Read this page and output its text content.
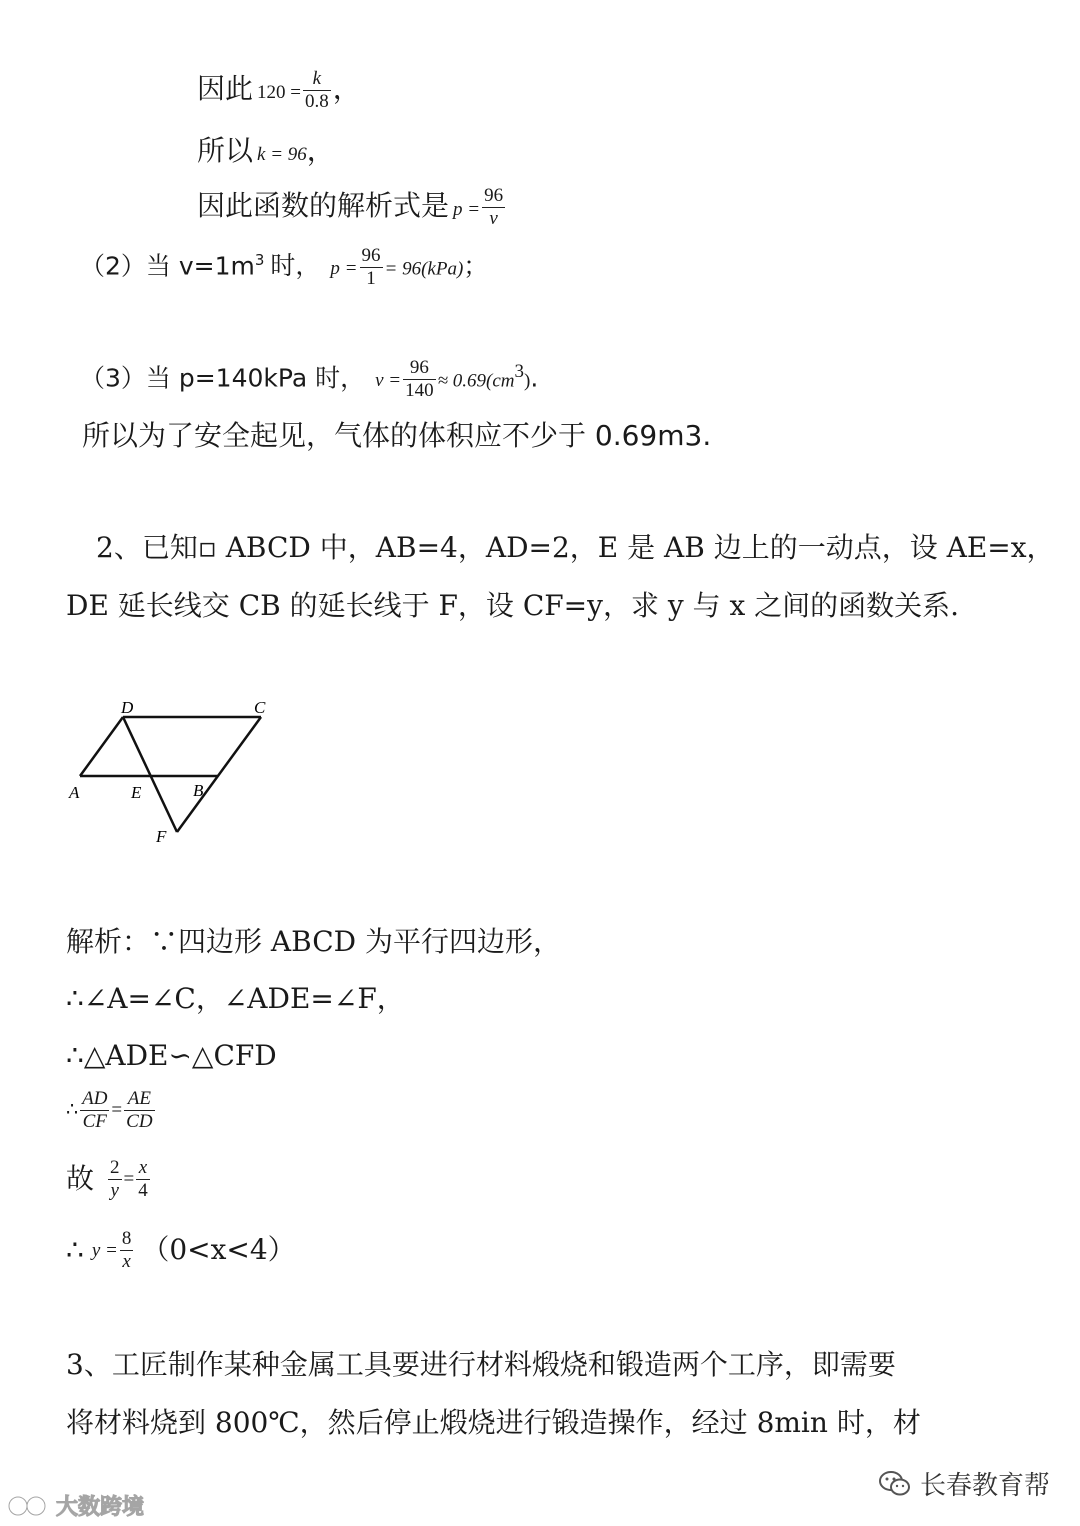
因此 $120 = \frac{k}{0.8}$ ，
所以 k = 96，
因此函数的解析式是 $p = \frac{96}{v}$
（2）当 $v=1m^3$ 时， $p = \frac{96}{1} = 96(kPa)$；
（3）当 p=140kPa 时， $v = \frac{96}{140} \approx 0.69(cm^3)$.
所以为了安全起见，气体的体积应不少于 0.69m3.
2、已知▫ ABCD 中，AB=4，AD=2，E 是 AB 边上的一动点，设 AE=x，
DE 延长线交 CB 的延长线于 F，设 CF=y，求 y 与 x 之间的函数关系.
D	C
A	E	B
F
解析：∵四边形 ABCD 为平行四边形，
∴∠A=∠C，∠ADE=∠F，
∴△ADE∽△CFD
∴ $\frac{AD}{CF} = \frac{AE}{CD}$
故 $\frac{2}{y} = \frac{x}{4}$
∴ $y = \frac{8}{x} (0<x<4)$
3、工匠制作某种金属工具要进行材料煅烧和锻造两个工序，即需要
将材料烧到 800℃，然后停止煅烧进行锻造操作，经过 8min 时，材
长春教育帮
大数跨境
